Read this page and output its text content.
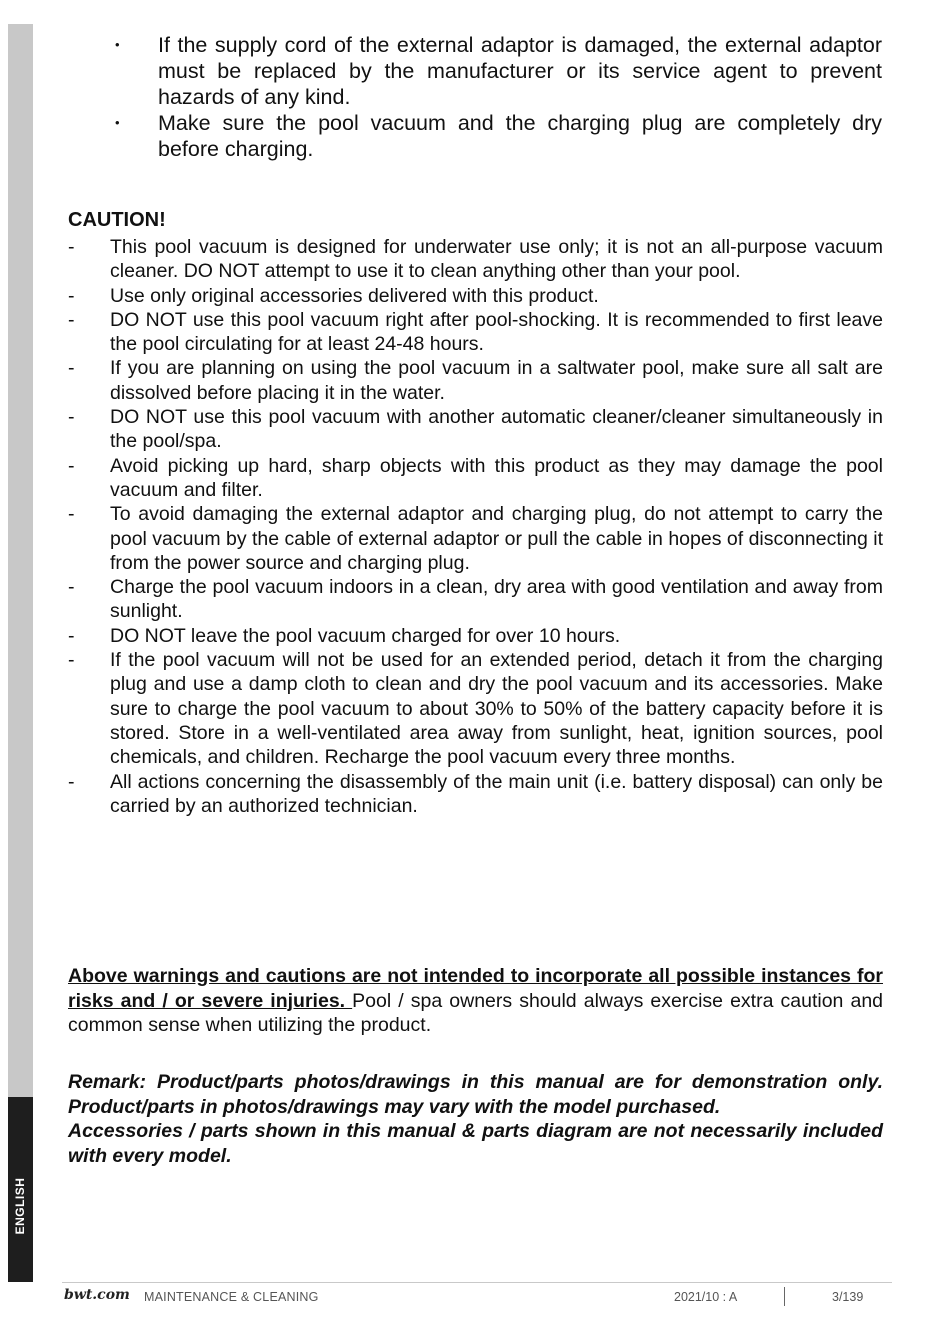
ENGLISH
• If the supply cord of the external adaptor is damaged, the external adaptor must be replaced by the manufacturer or its service agent to prevent hazards of any kind.
• Make sure the pool vacuum and the charging plug are completely dry before charging.
CAUTION!
- This pool vacuum is designed for underwater use only; it is not an all-purpose vacuum cleaner. DO NOT attempt to use it to clean anything other than your pool.
- Use only original accessories delivered with this product.
- DO NOT use this pool vacuum right after pool-shocking. It is recommended to first leave the pool circulating for at least 24-48 hours.
- If you are planning on using the pool vacuum in a saltwater pool, make sure all salt are dissolved before placing it in the water.
- DO NOT use this pool vacuum with another automatic cleaner/cleaner simultaneously in the pool/spa.
- Avoid picking up hard, sharp objects with this product as they may damage the pool vacuum and filter.
- To avoid damaging the external adaptor and charging plug, do not attempt to carry the pool vacuum by the cable of external adaptor or pull the cable in hopes of disconnecting it from the power source and charging plug.
- Charge the pool vacuum indoors in a clean, dry area with good ventilation and away from sunlight.
- DO NOT leave the pool vacuum charged for over 10 hours.
- If the pool vacuum will not be used for an extended period, detach it from the charging plug and use a damp cloth to clean and dry the pool vacuum and its accessories. Make sure to charge the pool vacuum to about 30% to 50% of the battery capacity before it is stored. Store in a well-ventilated area away from sunlight, heat, ignition sources, pool chemicals, and children. Recharge the pool vacuum every three months.
- All actions concerning the disassembly of the main unit (i.e. battery disposal) can only be carried by an authorized technician.
Above warnings and cautions are not intended to incorporate all possible instances for risks and / or severe injuries. Pool / spa owners should always exercise extra caution and common sense when utilizing the product.

Remark: Product/parts photos/drawings in this manual are for demonstration only. Product/parts in photos/drawings may vary with the model purchased.

Accessories / parts shown in this manual & parts diagram are not necessarily included with every model.

bwt.com MAINTENANCE & CLEANING	2021/10 : A	3/139
